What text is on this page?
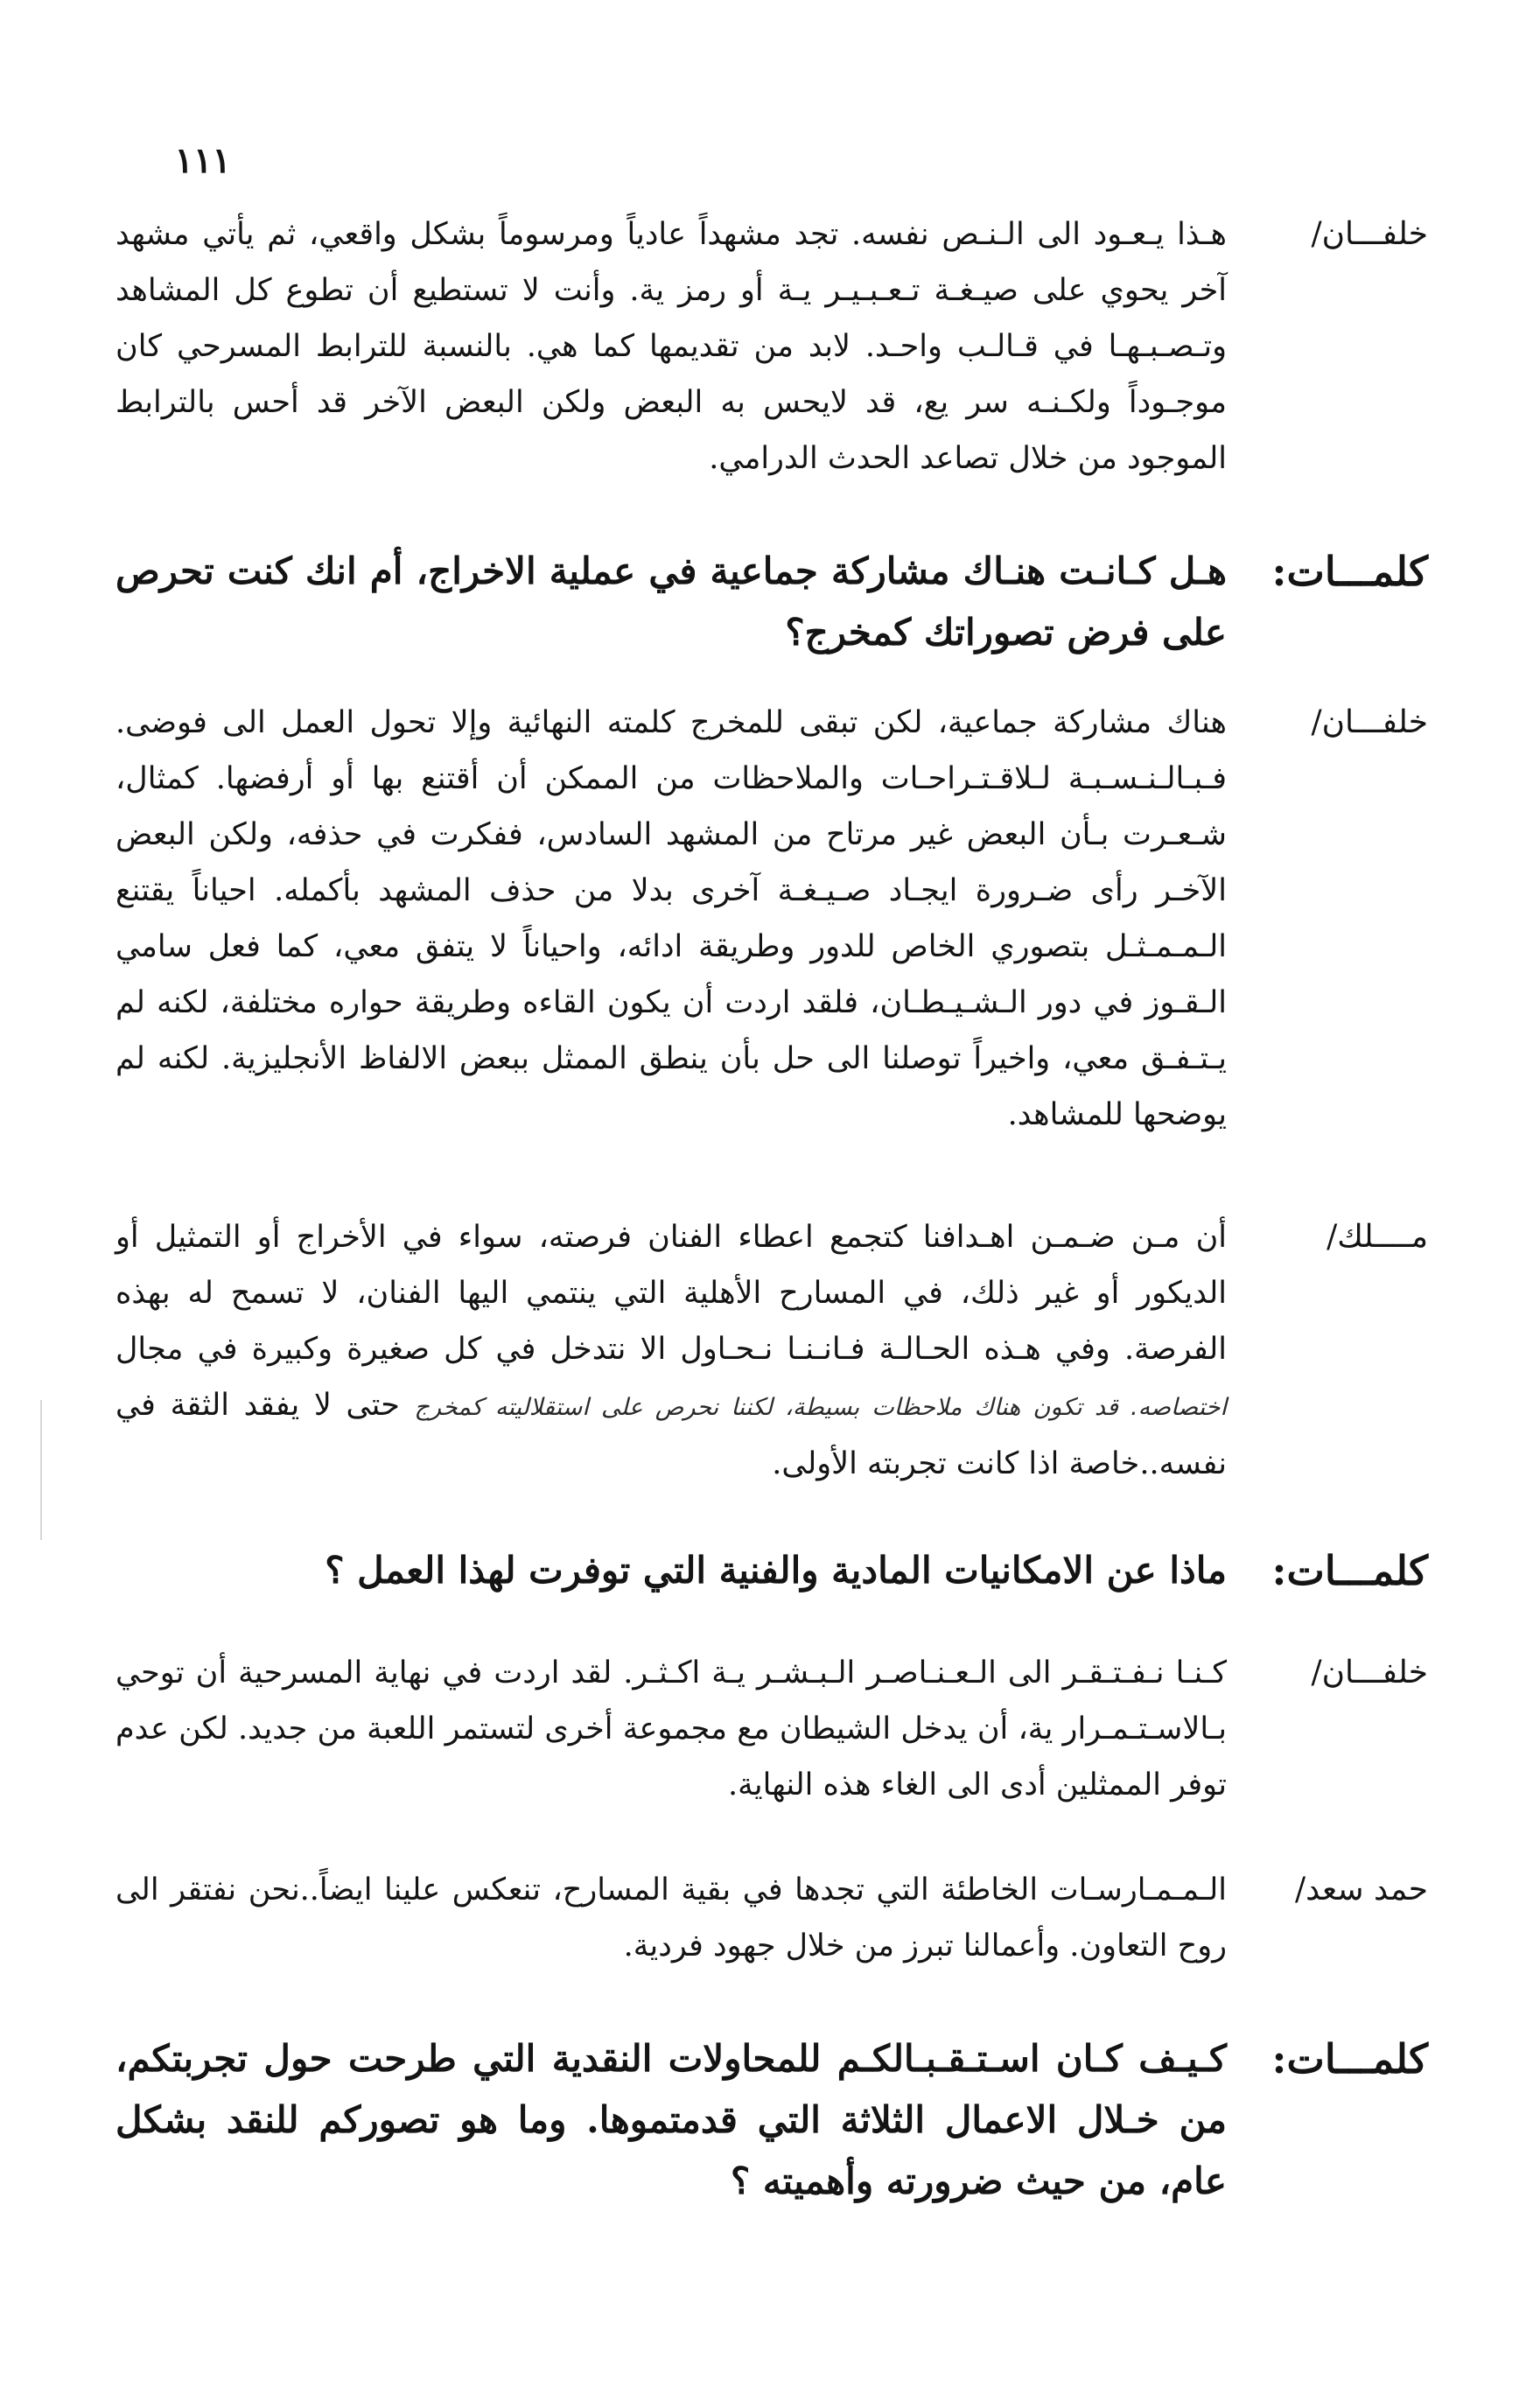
١١١
خلفـــان/
هـذا يـعـود الى الـنـص نفسه. تجد مشهداً عادياً ومرسوماً بشكل واقعي، ثم يأتي مشهد آخر يحوي على صيـغـة تـعـبـيـر يـة أو رمز ية. وأنت لا تستطيع أن تطوع كل المشاهد وتـصـبـهـا في قـالـب واحـد. لابد من تقديمها كما هي. بالنسبة للترابط المسرحي كان موجـوداً ولكـنـه سر يع، قد لايحس به البعض ولكن البعض الآخر قد أحس بالترابط الموجود من خلال تصاعد الحدث الدرامي.
كلمـــات:
هـل كـانـت هنـاك مشاركة جماعية في عملية الاخراج، أم انك كنت تحرص على فرض تصوراتك كمخرج؟
خلفـــان/
هناك مشاركة جماعية، لكن تبقى للمخرج كلمته النهائية وإلا تحول العمل الى فوضى. فـبـالـنـسـبـة لـلاقـتـراحـات والملاحظات من الممكن أن أقتنع بها أو أرفضها. كمثال، شـعـرت بـأن البعض غير مرتاح من المشهد السادس، ففكرت في حذفه، ولكن البعض الآخـر رأى ضـرورة ايجـاد صـيـغـة آخرى بدلا من حذف المشهد بأكمله. احياناً يقتنع الـمـمـثـل بتصوري الخاص للدور وطريقة ادائه، واحياناً لا يتفق معي، كما فعل سامي الـقـوز في دور الـشـيـطـان، فلقد اردت أن يكون القاءه وطريقة حواره مختلفة، لكنه لم يـتـفـق معي، واخيراً توصلنا الى حل بأن ينطق الممثل ببعض الالفاظ الأنجليزية. لكنه لم يوضحها للمشاهد.
مــــلك/
أن مـن ضـمـن اهـدافنا كتجمع اعطاء الفنان فرصته، سواء في الأخراج أو التمثيل أو الديكور أو غير ذلك، في المسارح الأهلية التي ينتمي اليها الفنان، لا تسمح له بهذه الفرصة. وفي هـذه الحـالـة فـانـنـا نـحـاول الا نتدخل في كل صغيرة وكبيرة في مجال اختصاصه. قد تكون هناك ملاحظات بسيطة، لكننا نحرص على استقلاليته كمخرج حتى لا يفقد الثقة في نفسه..خاصة اذا كانت تجربته الأولى.
كلمـــات:
ماذا عن الامكانيات المادية والفنية التي توفرت لهذا العمل ؟
خلفـــان/
كـنـا نـفـتـقـر الى الـعـنـاصـر الـبـشـر يـة اكـثـر. لقد اردت في نهاية المسرحية أن توحي بـالاسـتـمـرار ية، أن يدخل الشيطان مع مجموعة أخرى لتستمر اللعبة من جديد. لكن عدم توفر الممثلين أدى الى الغاء هذه النهاية.
حمد سعد/
الـمـمـارسـات الخاطئة التي تجدها في بقية المسارح، تنعكس علينا ايضاً..نحن نفتقر الى روح التعاون. وأعمالنا تبرز من خلال جهود فردية.
كلمـــات:
كـيـف كـان اسـتـقـبـالكـم للمحاولات النقدية التي طرحت حول تجربتكم، من خـلال الاعمال الثلاثة التي قدمتموها. وما هو تصوركم للنقد بشكل عام، من حيث ضرورته وأهميته ؟
